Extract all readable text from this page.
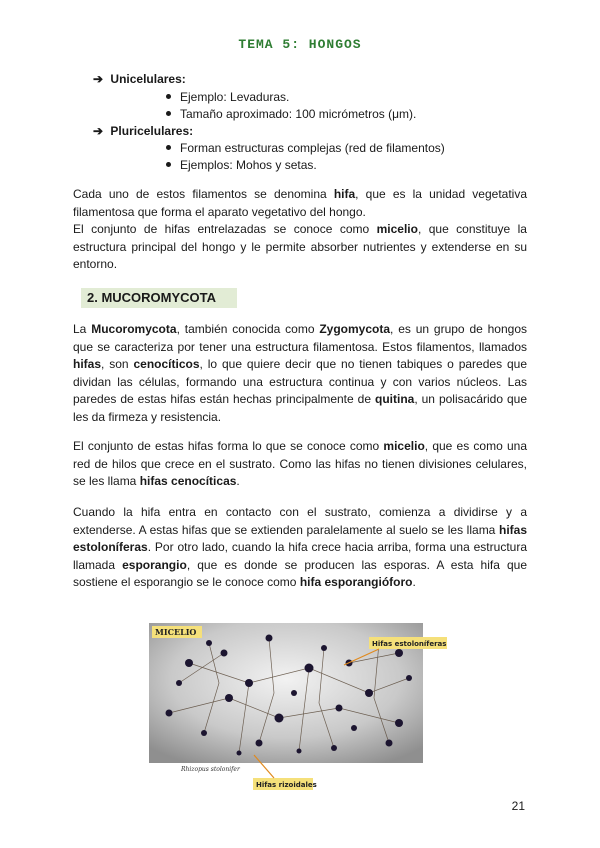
TEMA 5: HONGOS
➔ Unicelulares:
Ejemplo: Levaduras.
Tamaño aproximado: 100 micrómetros (μm).
➔ Pluricelulares:
Forman estructuras complejas (red de filamentos)
Ejemplos: Mohos y setas.
Cada uno de estos filamentos se denomina hifa, que es la unidad vegetativa filamentosa que forma el aparato vegetativo del hongo.
El conjunto de hifas entrelazadas se conoce como micelio, que constituye la estructura principal del hongo y le permite absorber nutrientes y extenderse en su entorno.
2. MUCOROMYCOTA
La Mucoromycota, también conocida como Zygomycota, es un grupo de hongos que se caracteriza por tener una estructura filamentosa. Estos filamentos, llamados hifas, son cenocíticos, lo que quiere decir que no tienen tabiques o paredes que dividan las células, formando una estructura continua y con varios núcleos. Las paredes de estas hifas están hechas principalmente de quitina, un polisacárido que les da firmeza y resistencia.
El conjunto de estas hifas forma lo que se conoce como micelio, que es como una red de hilos que crece en el sustrato. Como las hifas no tienen divisiones celulares, se les llama hifas cenocíticas.
Cuando la hifa entra en contacto con el sustrato, comienza a dividirse y a extenderse. A estas hifas que se extienden paralelamente al suelo se les llama hifas estoloníferas. Por otro lado, cuando la hifa crece hacia arriba, forma una estructura llamada esporangio, que es donde se producen las esporas. A esta hifa que sostiene el esporangio se le conoce como hifa esporangióforo.
MICELIO
Hifas estoloníferas
Rhizopus stolonifer
Hifas rizoidales
21
